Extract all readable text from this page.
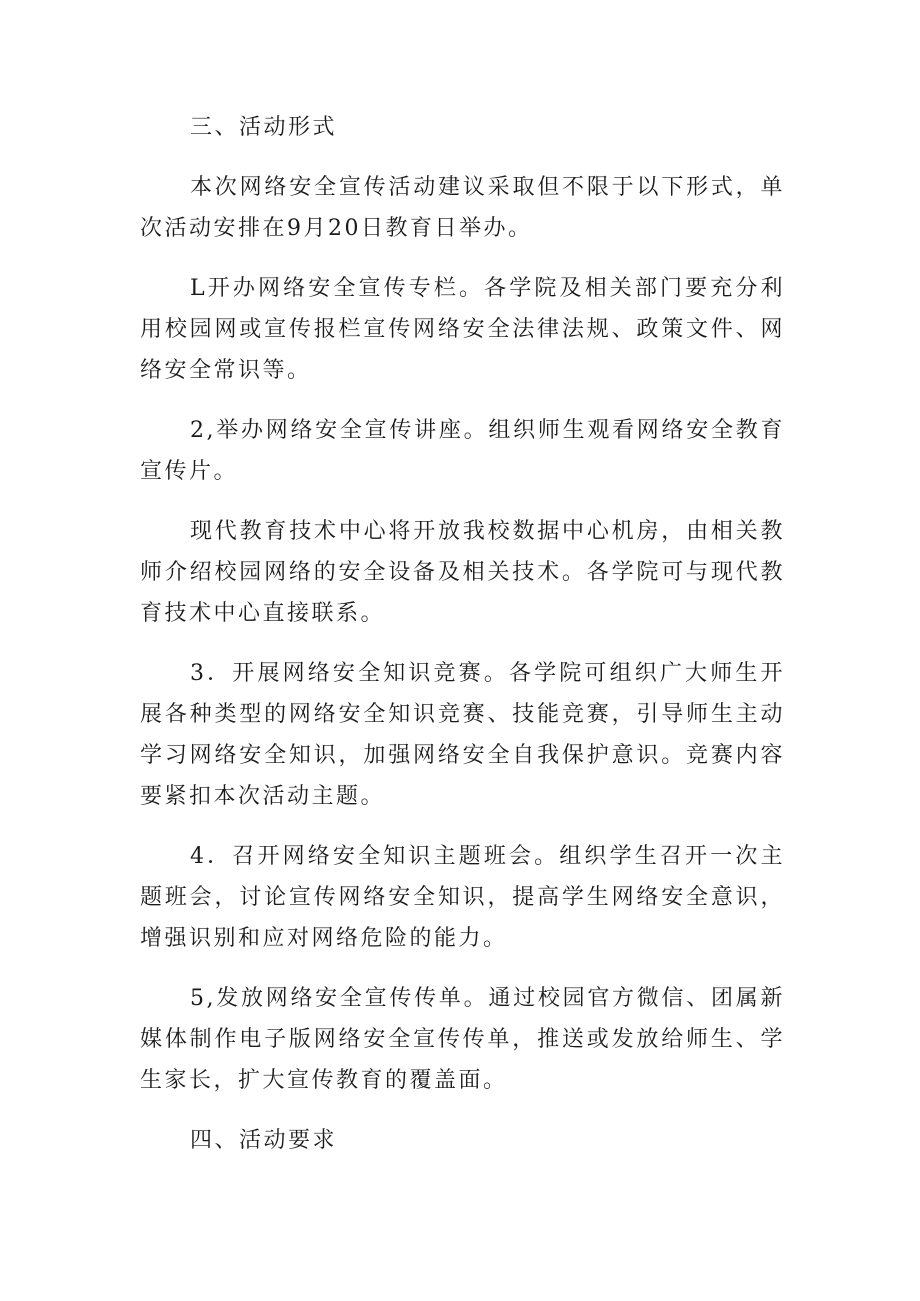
三、活动形式

本次网络安全宣传活动建议采取但不限于以下形式，单次活动安排在9月20日教育日举办。

L开办网络安全宣传专栏。各学院及相关部门要充分利用校园网或宣传报栏宣传网络安全法律法规、政策文件、网络安全常识等。

2,举办网络安全宣传讲座。组织师生观看网络安全教育宣传片。

现代教育技术中心将开放我校数据中心机房，由相关教师介绍校园网络的安全设备及相关技术。各学院可与现代教育技术中心直接联系。

3．开展网络安全知识竞赛。各学院可组织广大师生开展各种类型的网络安全知识竞赛、技能竞赛，引导师生主动学习网络安全知识，加强网络安全自我保护意识。竞赛内容要紧扣本次活动主题。

4．召开网络安全知识主题班会。组织学生召开一次主题班会，讨论宣传网络安全知识，提高学生网络安全意识，增强识别和应对网络危险的能力。

5,发放网络安全宣传传单。通过校园官方微信、团属新媒体制作电子版网络安全宣传传单，推送或发放给师生、学生家长，扩大宣传教育的覆盖面。

四、活动要求
